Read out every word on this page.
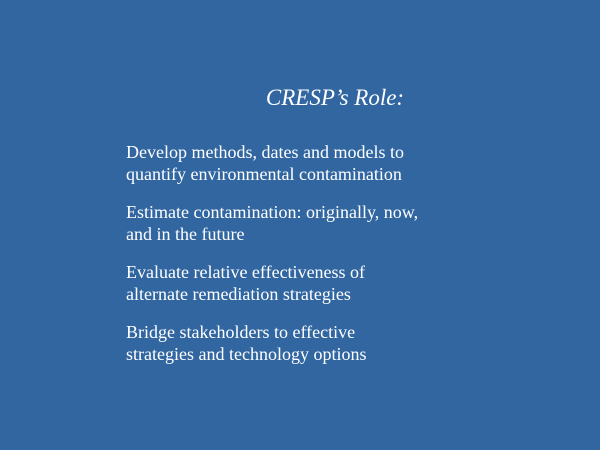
CRESP’s Role:
Develop methods, dates and models to
quantify environmental contamination
Estimate contamination: originally, now,
and in the future
Evaluate relative effectiveness of
alternate remediation strategies
Bridge stakeholders to effective
strategies and technology options
